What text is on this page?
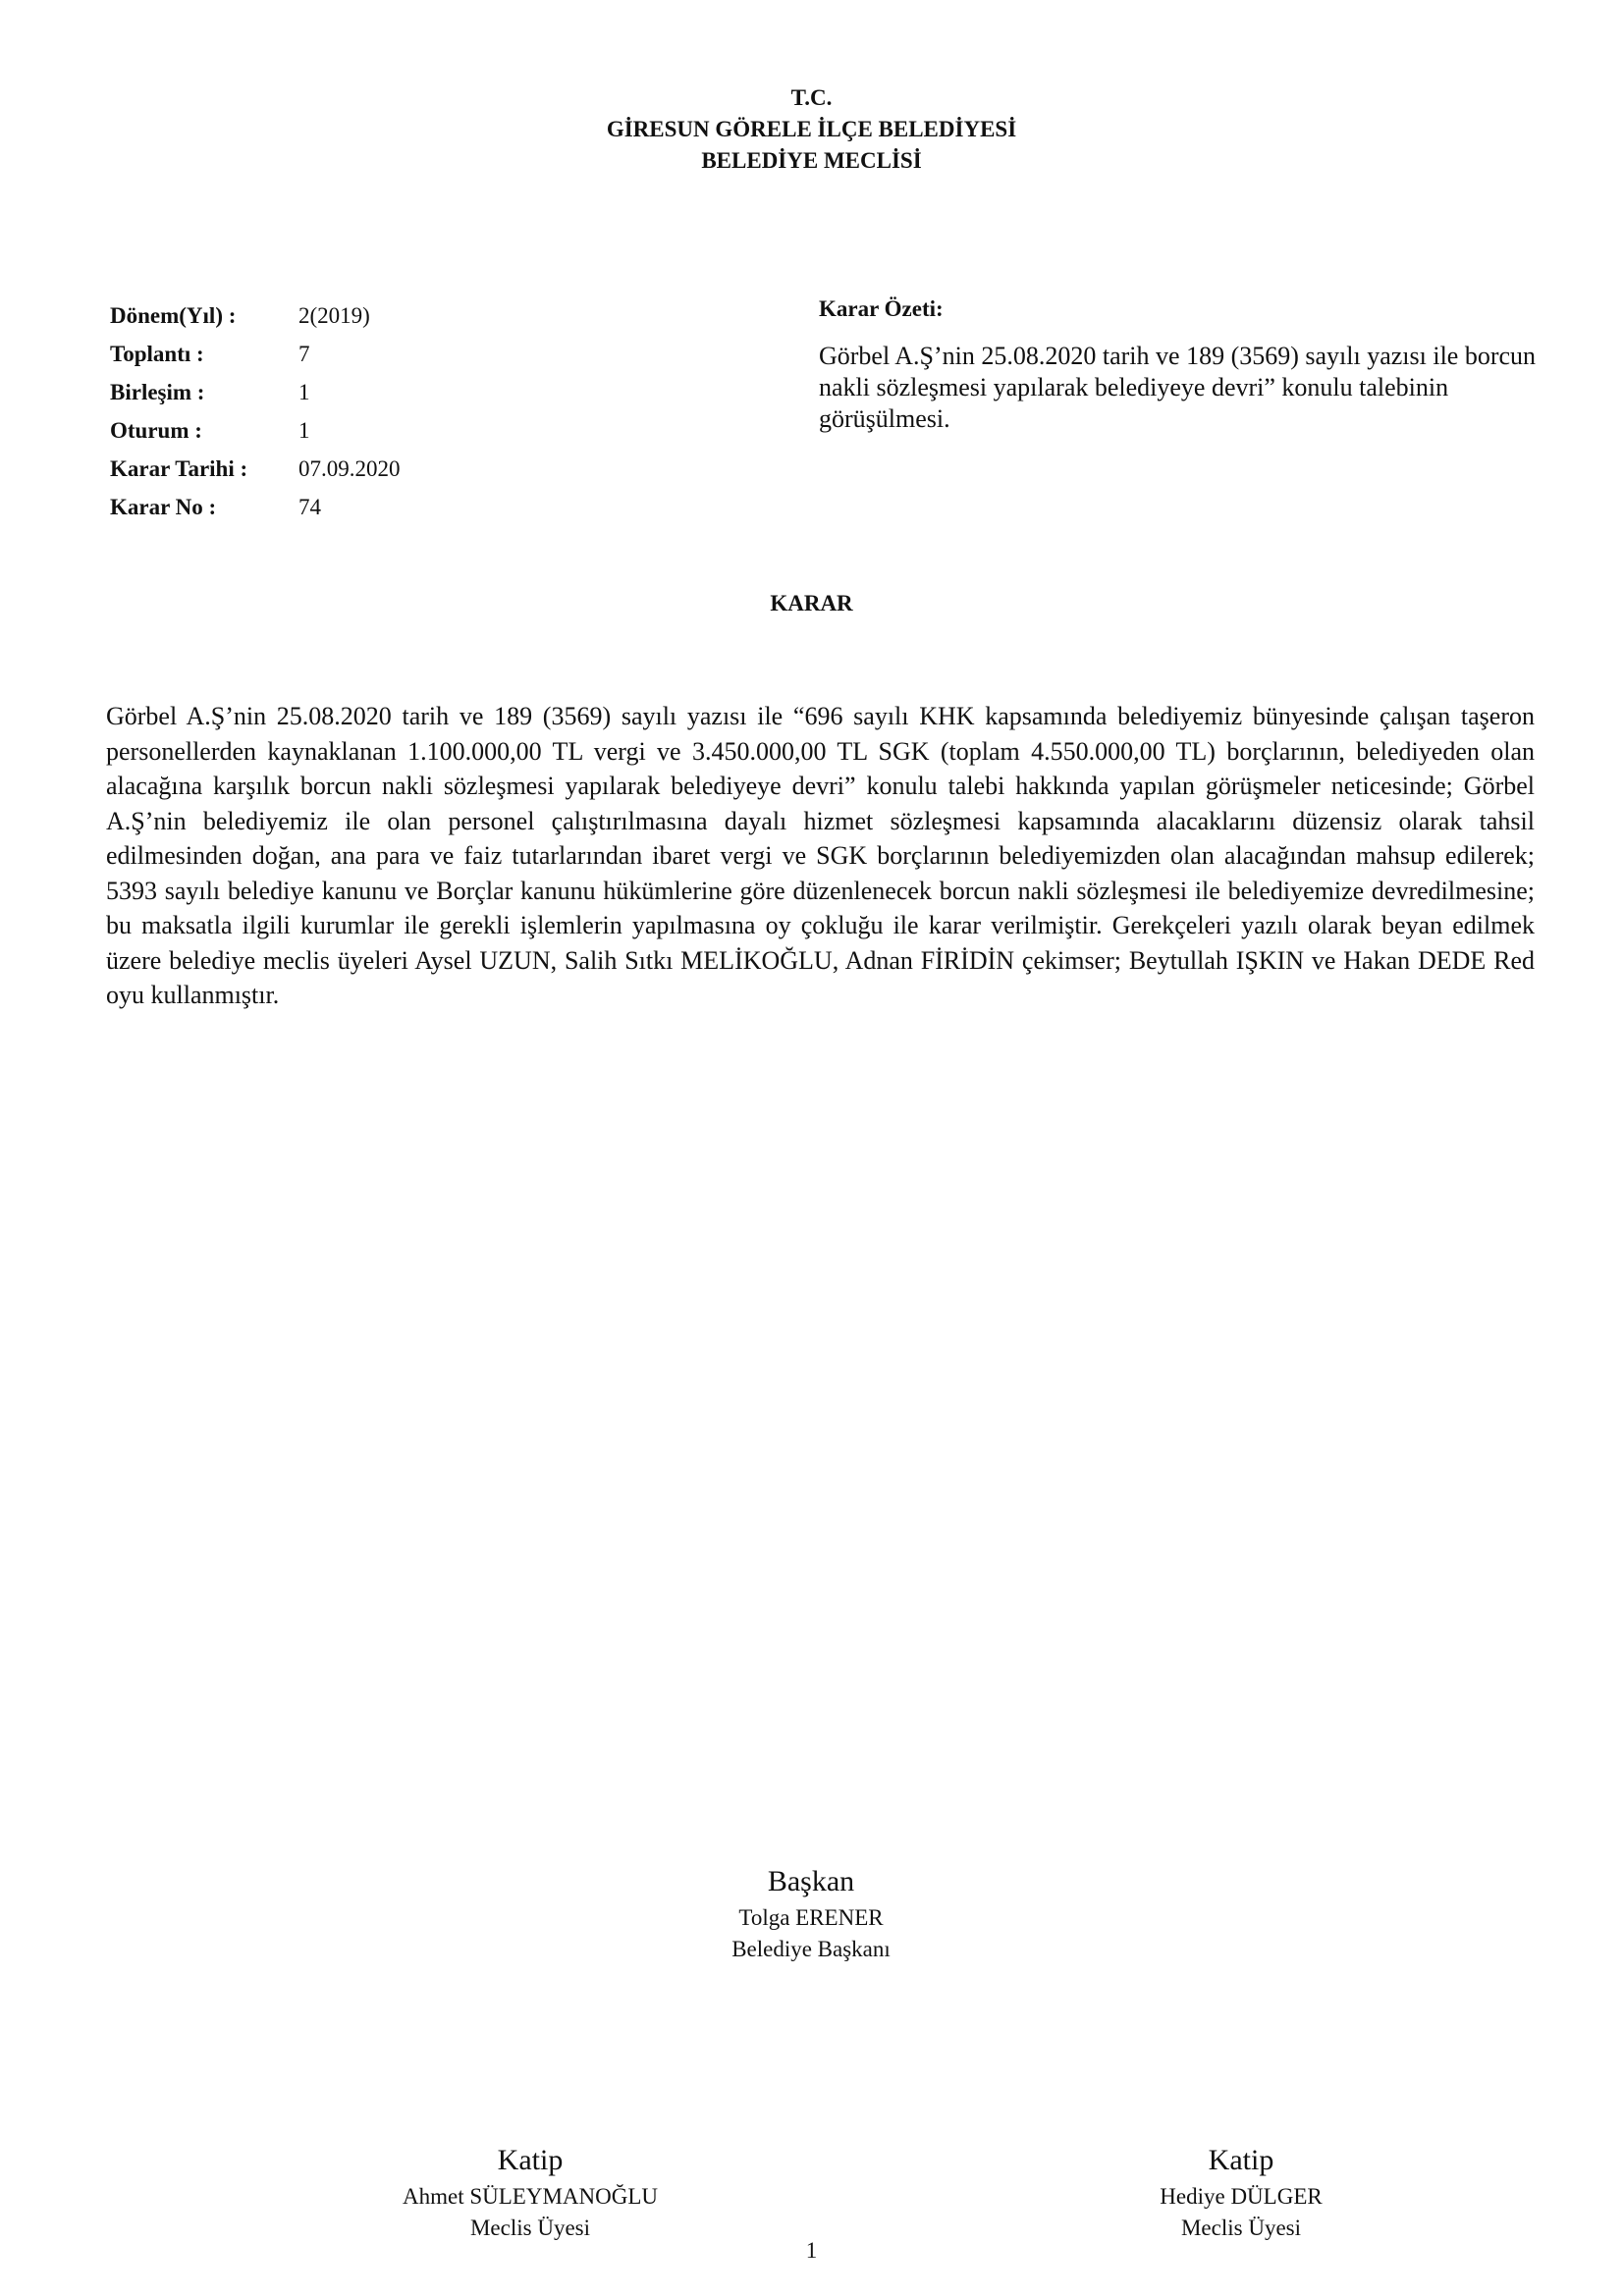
T.C.
GİRESUN GÖRELE İLÇE BELEDİYESİ
BELEDİYE MECLİSİ
Dönem(Yıl) :	2(2019)
Toplantı :	7
Birleşim :	1
Oturum :	1
Karar Tarihi : 07.09.2020
Karar No :	74
Karar Özeti:
Görbel A.Ş’nin 25.08.2020 tarih ve 189 (3569) sayılı yazısı ile borcun nakli sözleşmesi yapılarak belediyeye devri” konulu talebinin görüşülmesi.
KARAR
Görbel A.Ş’nin 25.08.2020 tarih ve 189 (3569) sayılı yazısı ile “696 sayılı KHK kapsamında belediyemiz bünyesinde çalışan taşeron personellerden kaynaklanan 1.100.000,00 TL vergi ve 3.450.000,00 TL SGK (toplam 4.550.000,00 TL) borçlarının, belediyeden olan alacağına karşılık borcun nakli sözleşmesi yapılarak belediyeye devri” konulu talebi hakkında yapılan görüşmeler neticesinde; Görbel A.Ş’nin belediyemiz ile olan personel çalıştırılmasına dayalı hizmet sözleşmesi kapsamında alacaklarını düzensiz olarak tahsil edilmesinden doğan, ana para ve faiz tutarlarından ibaret vergi ve SGK borçlarının belediyemizden olan alacağından mahsup edilerek; 5393 sayılı belediye kanunu ve Borçlar kanunu hükümlerine göre düzenlenecek borcun nakli sözleşmesi ile belediyemize devredilmesine; bu maksatla ilgili kurumlar ile gerekli işlemlerin yapılmasına oy çokluğu ile karar verilmiştir. Gerekçeleri yazılı olarak beyan edilmek üzere belediye meclis üyeleri Aysel UZUN, Salih Sıtkı MELİKOĞLU, Adnan FİRİDİN çekimser; Beytullah IŞKIN ve Hakan DEDE Red oyu kullanmıştır.
Başkan
Tolga ERENER
Belediye Başkanı
Katip
Ahmet SÜLEYMANOĞLU
Meclis Üyesi
Katip
Hediye DÜLGER
Meclis Üyesi
1
